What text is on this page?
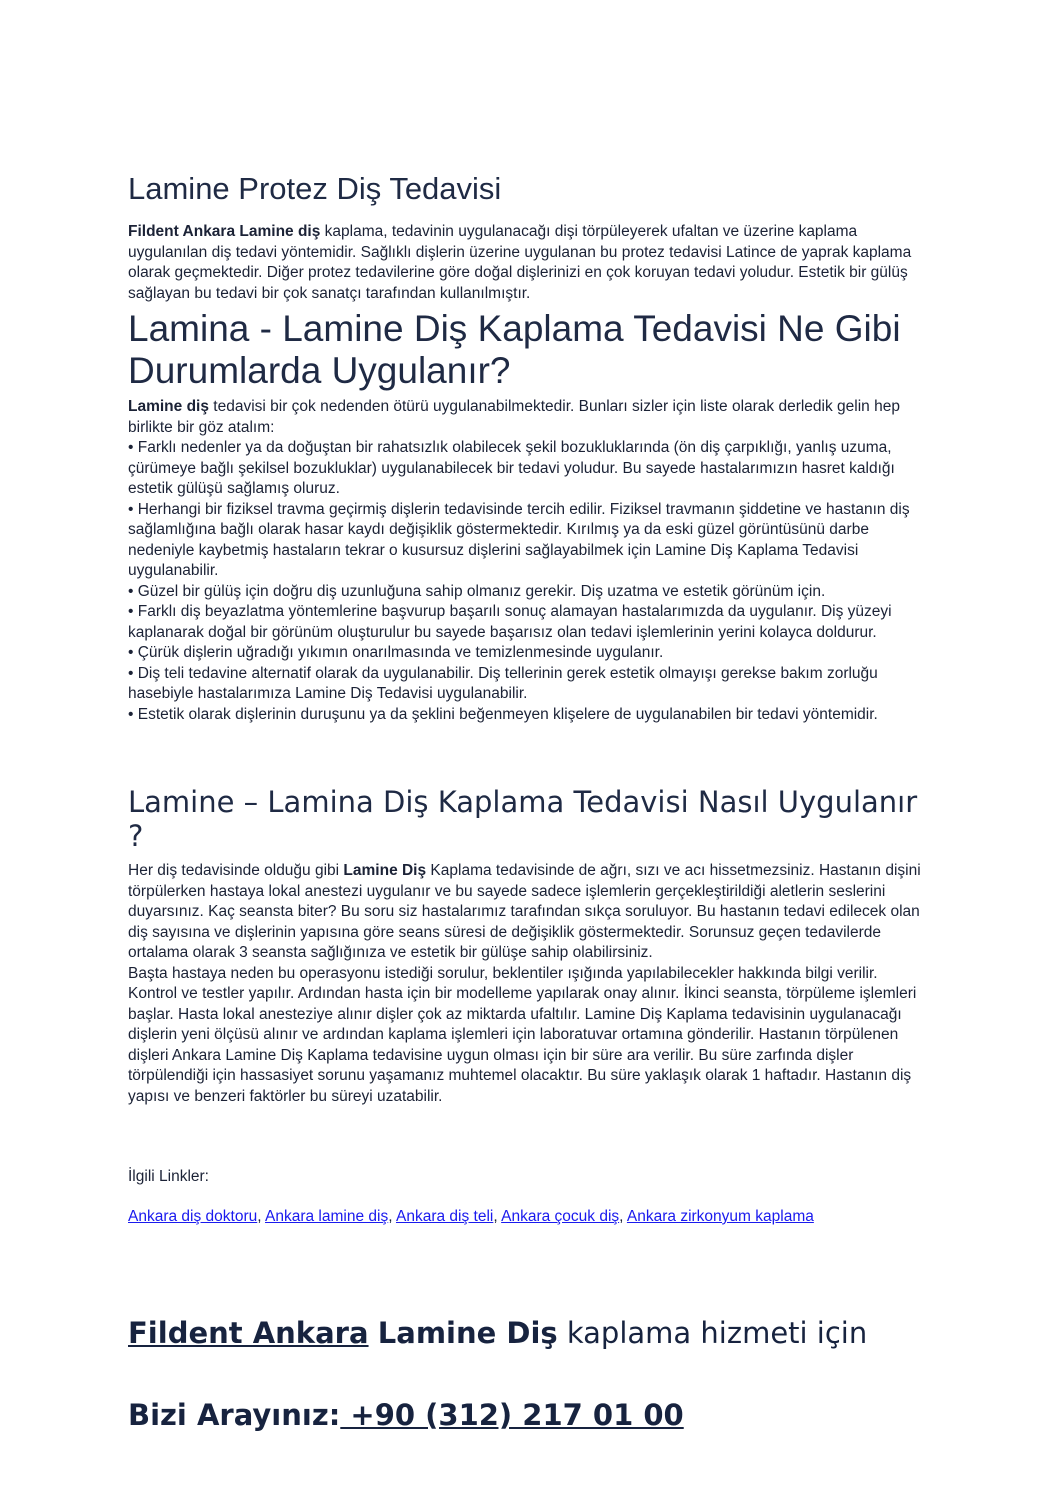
Lamine Protez Diş Tedavisi

Fildent Ankara Lamine diş kaplama, tedavinin uygulanacağı dişi törpüleyerek ufaltan ve üzerine kaplama uygulanılan diş tedavi yöntemidir. Sağlıklı dişlerin üzerine uygulanan bu protez tedavisi Latince de yaprak kaplama olarak geçmektedir. Diğer protez tedavilerine göre doğal dişlerinizi en çok koruyan tedavi yoludur. Estetik bir gülüş sağlayan bu tedavi bir çok sanatçı tarafından kullanılmıştır.

Lamina - Lamine Diş Kaplama Tedavisi Ne Gibi Durumlarda Uygulanır?

Lamine diş tedavisi bir çok nedenden ötürü uygulanabilmektedir. Bunları sizler için liste olarak derledik gelin hep birlikte bir göz atalım:

• Farklı nedenler ya da doğuştan bir rahatsızlık olabilecek şekil bozukluklarında (ön diş çarpıklığı, yanlış uzuma, çürümeye bağlı şekilsel bozukluklar) uygulanabilecek bir tedavi yoludur. Bu sayede hastalarımızın hasret kaldığı estetik gülüşü sağlamış oluruz.

• Herhangi bir fiziksel travma geçirmiş dişlerin tedavisinde tercih edilir. Fiziksel travmanın şiddetine ve hastanın diş sağlamlığına bağlı olarak hasar kaydı değişiklik göstermektedir. Kırılmış ya da eski güzel görüntüsünü darbe nedeniyle kaybetmiş hastaların tekrar o kusursuz dişlerini sağlayabilmek için Lamine Diş Kaplama Tedavisi uygulanabilir.

• Güzel bir gülüş için doğru diş uzunluğuna sahip olmanız gerekir. Diş uzatma ve estetik görünüm için.

• Farklı diş beyazlatma yöntemlerine başvurup başarılı sonuç alamayan hastalarımızda da uygulanır. Diş yüzeyi kaplanarak doğal bir görünüm oluşturulur bu sayede başarısız olan tedavi işlemlerinin yerini kolayca doldurur.

• Çürük dişlerin uğradığı yıkımın onarılmasında ve temizlenmesinde uygulanır.

• Diş teli tedavine alternatif olarak da uygulanabilir. Diş tellerinin gerek estetik olmayışı gerekse bakım zorluğu hasebiyle hastalarımıza Lamine Diş Tedavisi uygulanabilir.

• Estetik olarak dişlerinin duruşunu ya da şeklini beğenmeyen klişelere de uygulanabilen bir tedavi yöntemidir.

Lamine – Lamina Diş Kaplama Tedavisi Nasıl Uygulanır ?

Her diş tedavisinde olduğu gibi Lamine Diş Kaplama tedavisinde de ağrı, sızı ve acı hissetmezsiniz. Hastanın dişini törpülerken hastaya lokal anestezi uygulanır ve bu sayede sadece işlemlerin gerçekleştirildiği aletlerin seslerini duyarsınız. Kaç seansta biter? Bu soru siz hastalarımız tarafından sıkça soruluyor. Bu hastanın tedavi edilecek olan diş sayısına ve dişlerinin yapısına göre seans süresi de değişiklik göstermektedir. Sorunsuz geçen tedavilerde ortalama olarak 3 seansta sağlığınıza ve estetik bir gülüşe sahip olabilirsiniz.

Başta hastaya neden bu operasyonu istediği sorulur, beklentiler ışığında yapılabilecekler hakkında bilgi verilir. Kontrol ve testler yapılır. Ardından hasta için bir modelleme yapılarak onay alınır. İkinci seansta, törpüleme işlemleri başlar. Hasta lokal anesteziye alınır dişler çok az miktarda ufaltılır. Lamine Diş Kaplama tedavisinin uygulanacağı dişlerin yeni ölçüsü alınır ve ardından kaplama işlemleri için laboratuvar ortamına gönderilir. Hastanın törpülenen dişleri Ankara Lamine Diş Kaplama tedavisine uygun olması için bir süre ara verilir. Bu süre zarfında dişler törpülendiği için hassasiyet sorunu yaşamanız muhtemel olacaktır. Bu süre yaklaşık olarak 1 haftadır. Hastanın diş yapısı ve benzeri faktörler bu süreyi uzatabilir.

İlgili Linkler:

Ankara diş doktoru, Ankara lamine diş, Ankara diş teli, Ankara çocuk diş, Ankara zirkonyum kaplama

Fildent Ankara Lamine Diş kaplama hizmeti için

Bizi Arayınız: +90 (312) 217 01 00
